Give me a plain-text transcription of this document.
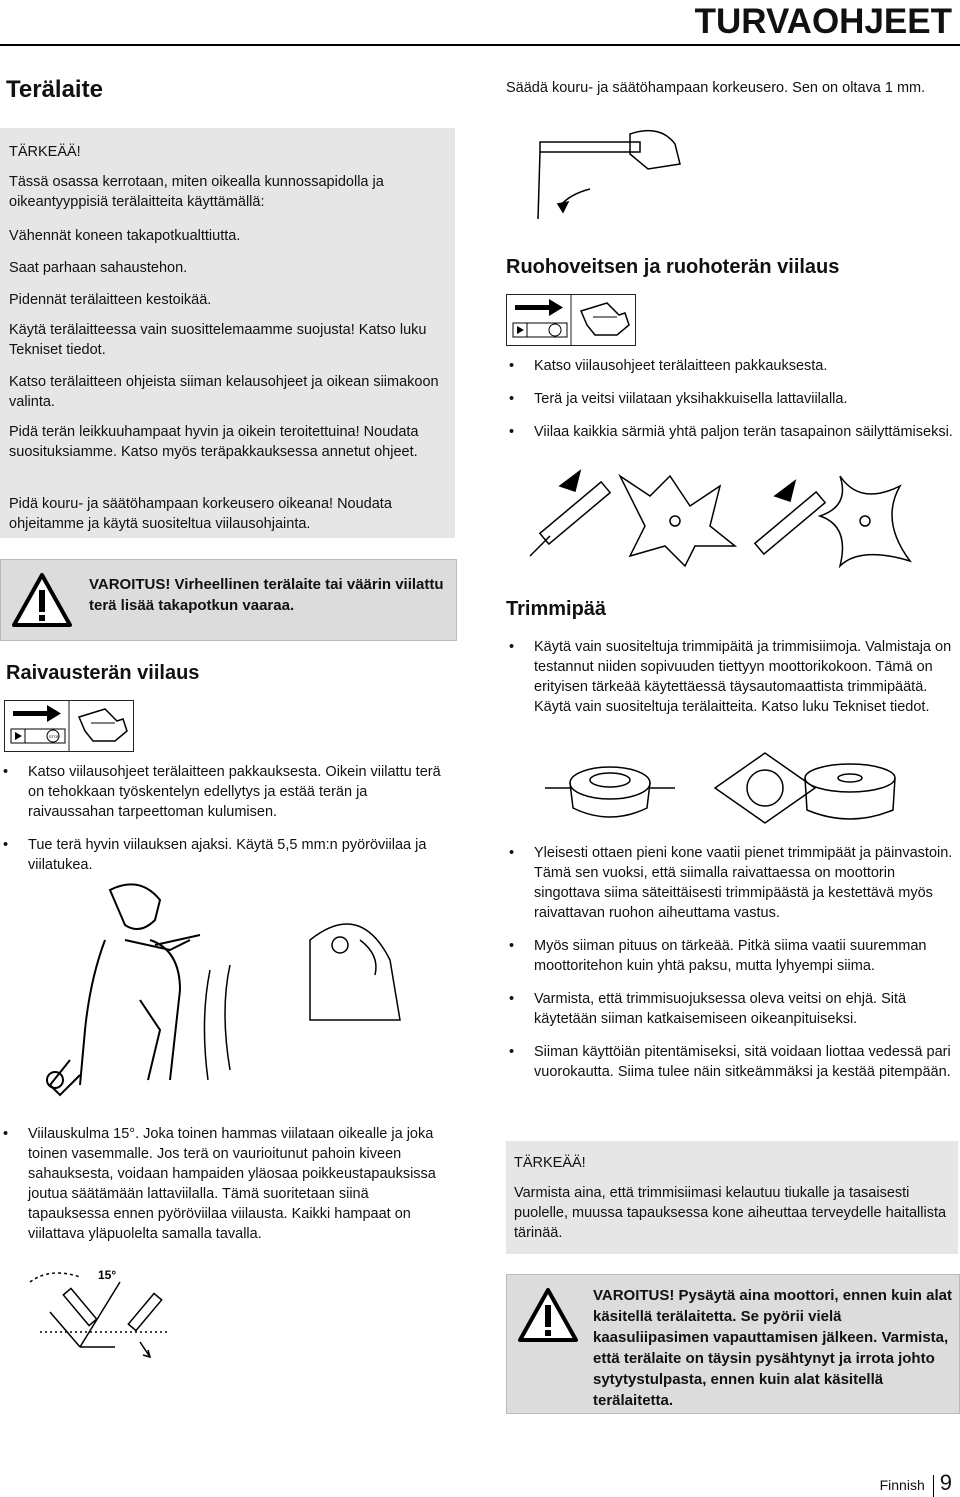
TURVAOHJEET
Terälaite
TÄRKEÄÄ!
Tässä osassa kerrotaan, miten oikealla kunnossapidolla ja oikeantyyppisiä terälaitteita käyttämällä:
Vähennät koneen takapotkualttiutta.
Saat parhaan sahaustehon.
Pidennät terälaitteen kestoikää.
Käytä terälaitteessa vain suosittelemaamme suojusta! Katso luku Tekniset tiedot.
Katso terälaitteen ohjeista siiman kelausohjeet ja oikean siimakoon valinta.
Pidä terän leikkuuhampaat hyvin ja oikein teroitettuina! Noudata suosituksiamme. Katso myös teräpakkauksessa annetut ohjeet.
Pidä kouru- ja säätöhampaan korkeusero oikeana! Noudata ohjeitamme ja käytä suositeltua viilausohjainta.
VAROITUS! Virheellinen terälaite tai väärin viilattu terä lisää takapotkun vaaraa.
Raivausterän viilaus
STOP
• Katso viilausohjeet terälaitteen pakkauksesta. Oikein viilattu terä on tehokkaan työskentelyn edellytys ja estää terän ja raivaussahan tarpeettoman kulumisen.
• Tue terä hyvin viilauksen ajaksi. Käytä 5,5 mm:n pyöröviilaa ja viilatukea.
• Viilauskulma 15°. Joka toinen hammas viilataan oikealle ja joka toinen vasemmalle. Jos terä on vaurioitunut pahoin kiveen sahauksesta, voidaan hampaiden yläosaa poikkeustapauksissa joutua säätämään lattaviilalla. Tämä suoritetaan siinä tapauksessa ennen pyöröviilaa viilausta. Kaikki hampaat on viilattava yläpuolelta samalla tavalla.
15°
Säädä kouru- ja säätöhampaan korkeusero. Sen on oltava 1 mm.
Ruohoveitsen ja ruohoterän viilaus
• Katso viilausohjeet terälaitteen pakkauksesta.
• Terä ja veitsi viilataan yksihakkuisella lattaviilalla.
• Viilaa kaikkia särmiä yhtä paljon terän tasapainon säilyttämiseksi.
Trimmipää
• Käytä vain suositeltuja trimmipäitä ja trimmisiimoja. Valmistaja on testannut niiden sopivuuden tiettyyn moottorikokoon. Tämä on erityisen tärkeää käytettäessä täysautomaattista trimmipäätä. Käytä vain suositeltuja terälaitteita. Katso luku Tekniset tiedot.
• Yleisesti ottaen pieni kone vaatii pienet trimmipäät ja päinvastoin. Tämä sen vuoksi, että siimalla raivattaessa on moottorin singottava siima säteittäisesti trimmipäästä ja kestettävä myös raivattavan ruohon aiheuttama vastus.
• Myös siiman pituus on tärkeää. Pitkä siima vaatii suuremman moottoritehon kuin yhtä paksu, mutta lyhyempi siima.
• Varmista, että trimmisuojuksessa oleva veitsi on ehjä. Sitä käytetään siiman katkaisemiseen oikeanpituiseksi.
• Siiman käyttöiän pitentämiseksi, sitä voidaan liottaa vedessä pari vuorokautta. Siima tulee näin sitkeämmäksi ja kestää pitempään.
TÄRKEÄÄ!
Varmista aina, että trimmisiimasi kelautuu tiukalle ja tasaisesti puolelle, muussa tapauksessa kone aiheuttaa terveydelle haitallista tärinää.
VAROITUS! Pysäytä aina moottori, ennen kuin alat käsitellä terälaitetta. Se pyörii vielä kaasuliipasimen vapauttamisen jälkeen. Varmista, että terälaite on täysin pysähtynyt ja irrota johto sytytystulpasta, ennen kuin alat käsitellä terälaitetta.
Finnish 9
